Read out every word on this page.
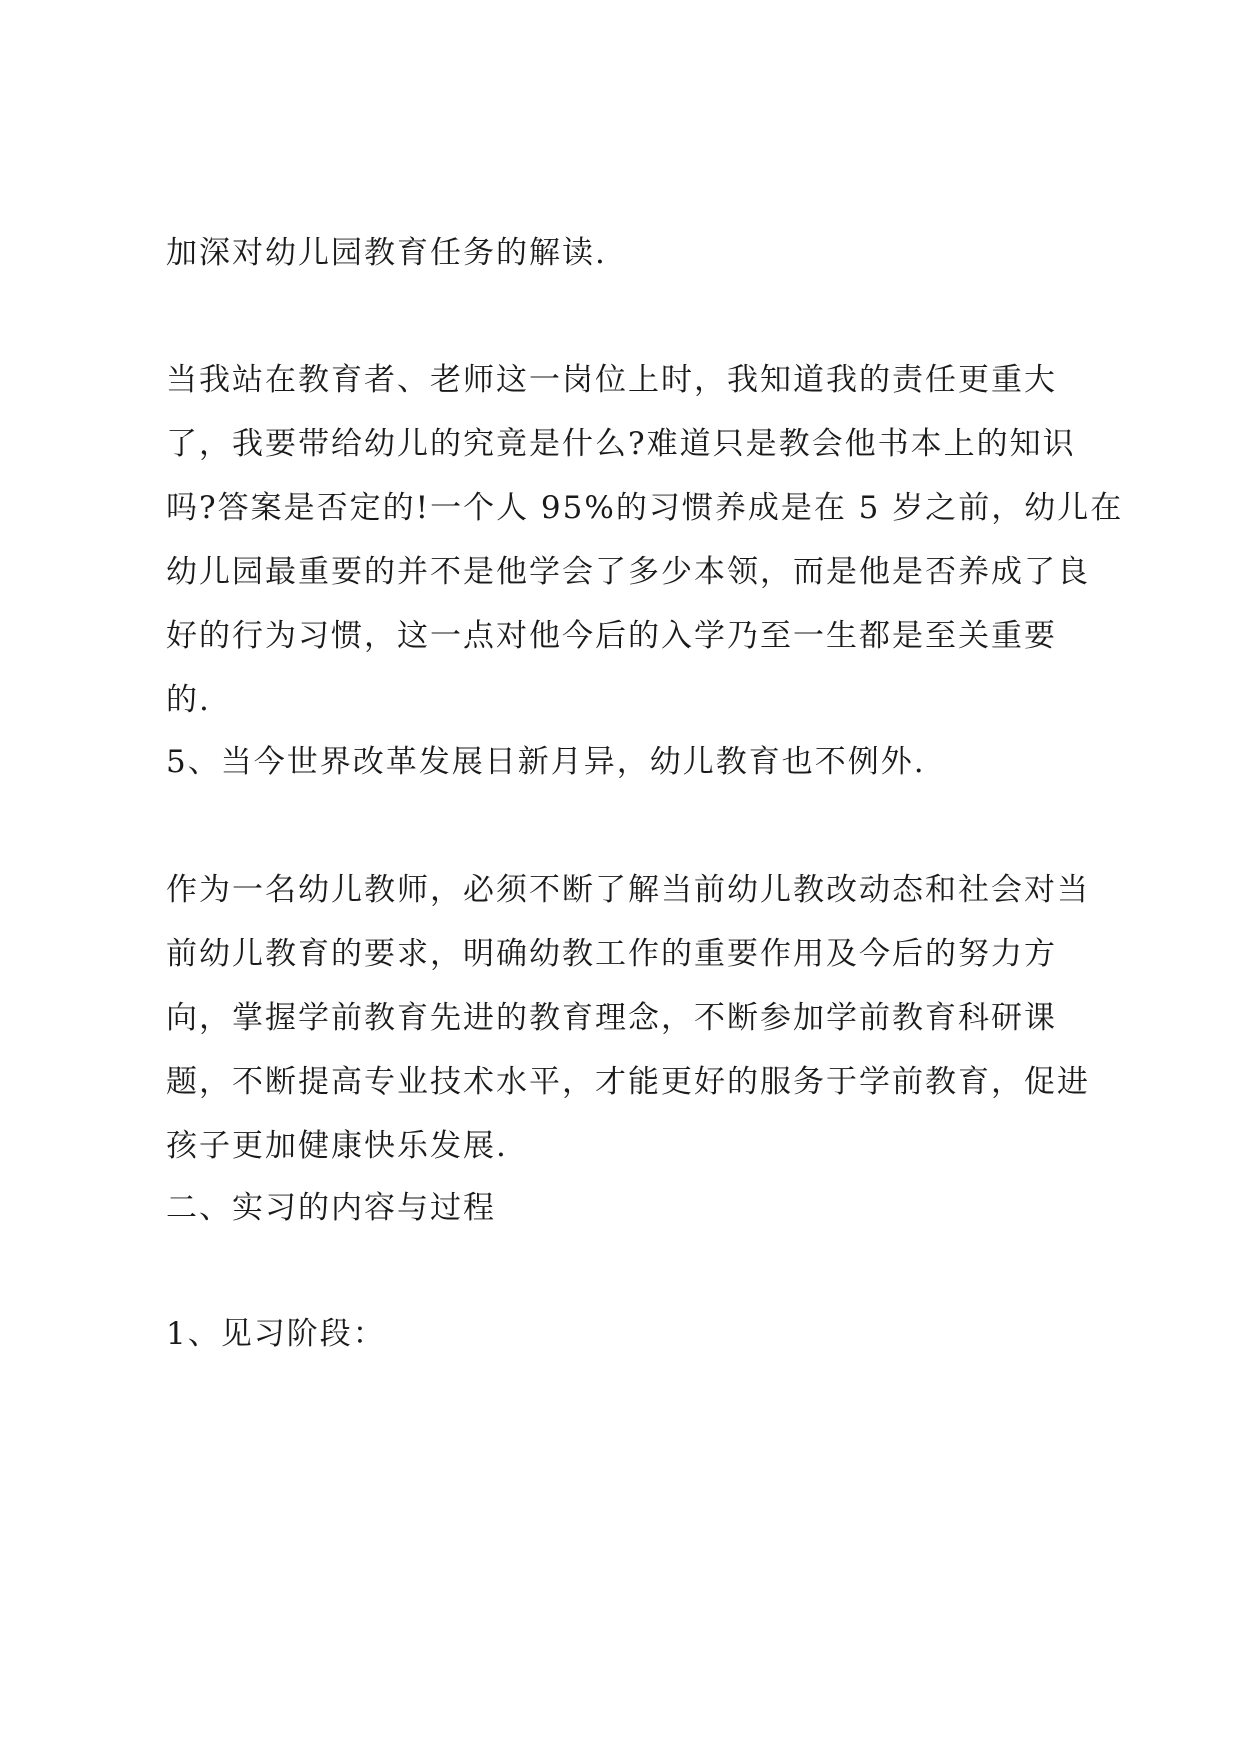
加深对幼儿园教育任务的解读.

当我站在教育者、老师这一岗位上时，我知道我的责任更重大
了，我要带给幼儿的究竟是什么?难道只是教会他书本上的知识
吗?答案是否定的!一个人 95%的习惯养成是在 5 岁之前，幼儿在
幼儿园最重要的并不是他学会了多少本领，而是他是否养成了良
好的行为习惯，这一点对他今后的入学乃至一生都是至关重要
的.

5、当今世界改革发展日新月异，幼儿教育也不例外.

作为一名幼儿教师，必须不断了解当前幼儿教改动态和社会对当
前幼儿教育的要求，明确幼教工作的重要作用及今后的努力方
向，掌握学前教育先进的教育理念，不断参加学前教育科研课
题，不断提高专业技术水平，才能更好的服务于学前教育，促进
孩子更加健康快乐发展.

二、实习的内容与过程

1、见习阶段：
